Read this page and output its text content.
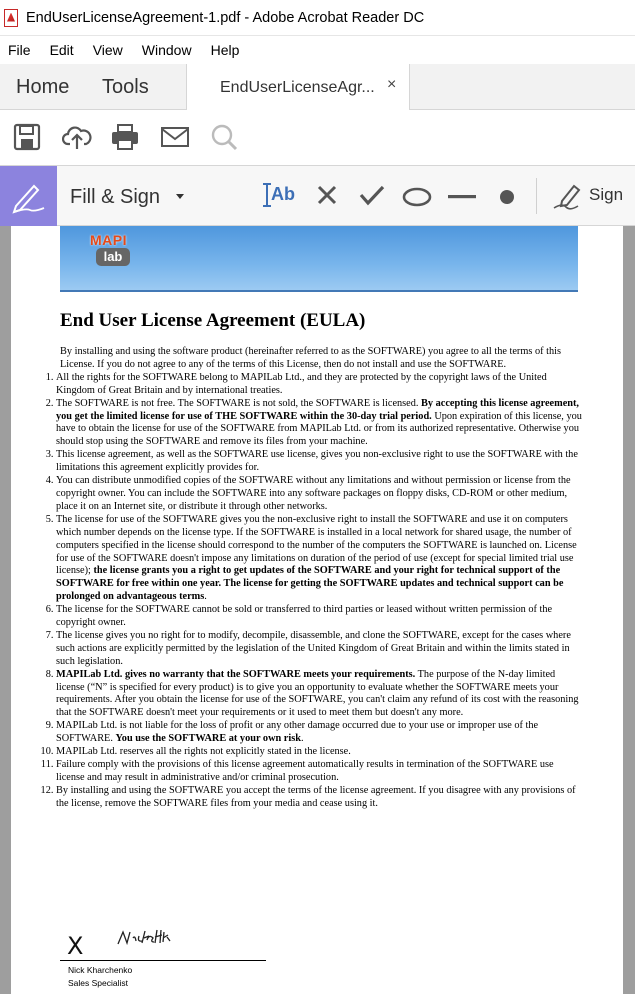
EndUserLicenseAgreement-1.pdf - Adobe Acrobat Reader DC
File Edit View Window Help
Home Tools	EndUserLicenseAgr... ×
Fill & Sign	Ab	Sign
MAPI
lab
End User License Agreement (EULA)

By installing and using the software product (hereinafter referred to as the SOFTWARE) you agree to all the terms of this License. If you do not agree to any of the terms of this License, then do not install and use the SOFTWARE.

1. All the rights for the SOFTWARE belong to MAPILab Ltd., and they are protected by the copyright laws of the United Kingdom of Great Britain and by international treaties.
2. The SOFTWARE is not free. The SOFTWARE is not sold, the SOFTWARE is licensed. By accepting this license agreement, you get the limited license for use of THE SOFTWARE within the 30-day trial period. Upon expiration of this license, you have to obtain the license for use of the SOFTWARE from MAPILab Ltd. or from its authorized representative. Otherwise you should stop using the SOFTWARE and remove its files from your machine.
3. This license agreement, as well as the SOFTWARE use license, gives you non-exclusive right to use the SOFTWARE with the limitations this agreement explicitly provides for.
4. You can distribute unmodified copies of the SOFTWARE without any limitations and without permission or license from the copyright owner. You can include the SOFTWARE into any software packages on floppy disks, CD-ROM or other medium, place it on an Internet site, or distribute it through other networks.
5. The license for use of the SOFTWARE gives you the non-exclusive right to install the SOFTWARE and use it on computers which number depends on the license type. If the SOFTWARE is installed in a local network for shared usage, the number of computers specified in the license should correspond to the number of the computers the SOFTWARE is launched on. License for use of the SOFTWARE doesn't impose any limitations on duration of the period of use (except for special limited trial use license); the license grants you a right to get updates of the SOFTWARE and your right for technical support of the SOFTWARE for free within one year. The license for getting the SOFTWARE updates and technical support can be prolonged on advantageous terms.
6. The license for the SOFTWARE cannot be sold or transferred to third parties or leased without written permission of the copyright owner.
7. The license gives you no right for to modify, decompile, disassemble, and clone the SOFTWARE, except for the cases where such actions are explicitly permitted by the legislation of the United Kingdom of Great Britain and within the limits stated in such legislation.
8. MAPILab Ltd. gives no warranty that the SOFTWARE meets your requirements. The purpose of the N-day limited license (“N” is specified for every product) is to give you an opportunity to evaluate whether the SOFTWARE meets your requirements. After you obtain the license for use of the SOFTWARE, you can't claim any refund of its cost with the reasoning that the SOFTWARE doesn't meet your requirements or it used to meet them but doesn't any more.
9. MAPILab Ltd. is not liable for the loss of profit or any other damage occurred due to your use or improper use of the SOFTWARE. You use the SOFTWARE at your own risk.
10. MAPILab Ltd. reserves all the rights not explicitly stated in the license.
11. Failure comply with the provisions of this license agreement automatically results in termination of the SOFTWARE use license and may result in administrative and/or criminal prosecution.
12. By installing and using the SOFTWARE you accept the terms of the license agreement. If you disagree with any provisions of the license, remove the SOFTWARE files from your media and cease using it.
X
Nick Kharchenko
Sales Specialist
